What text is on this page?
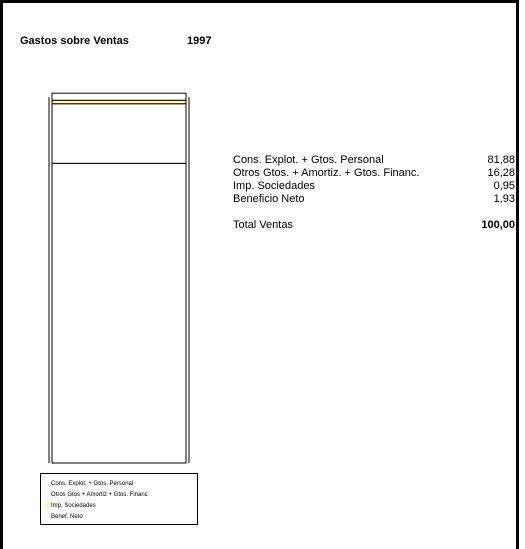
Gastos sobre Ventas	1997
Cons. Explot. + Gtos. Personal
Otros Gtos + Amortiz + Gtos. Financ
Imp. Sociedades
Benef. Neto
Cons. Explot. + Gtos. Personal	81,88
Otros Gtos. + Amortiz. + Gtos. Financ.	16,28
Imp. Sociedades	0,95
Beneficio Neto	1,93
Total Ventas	100,00
